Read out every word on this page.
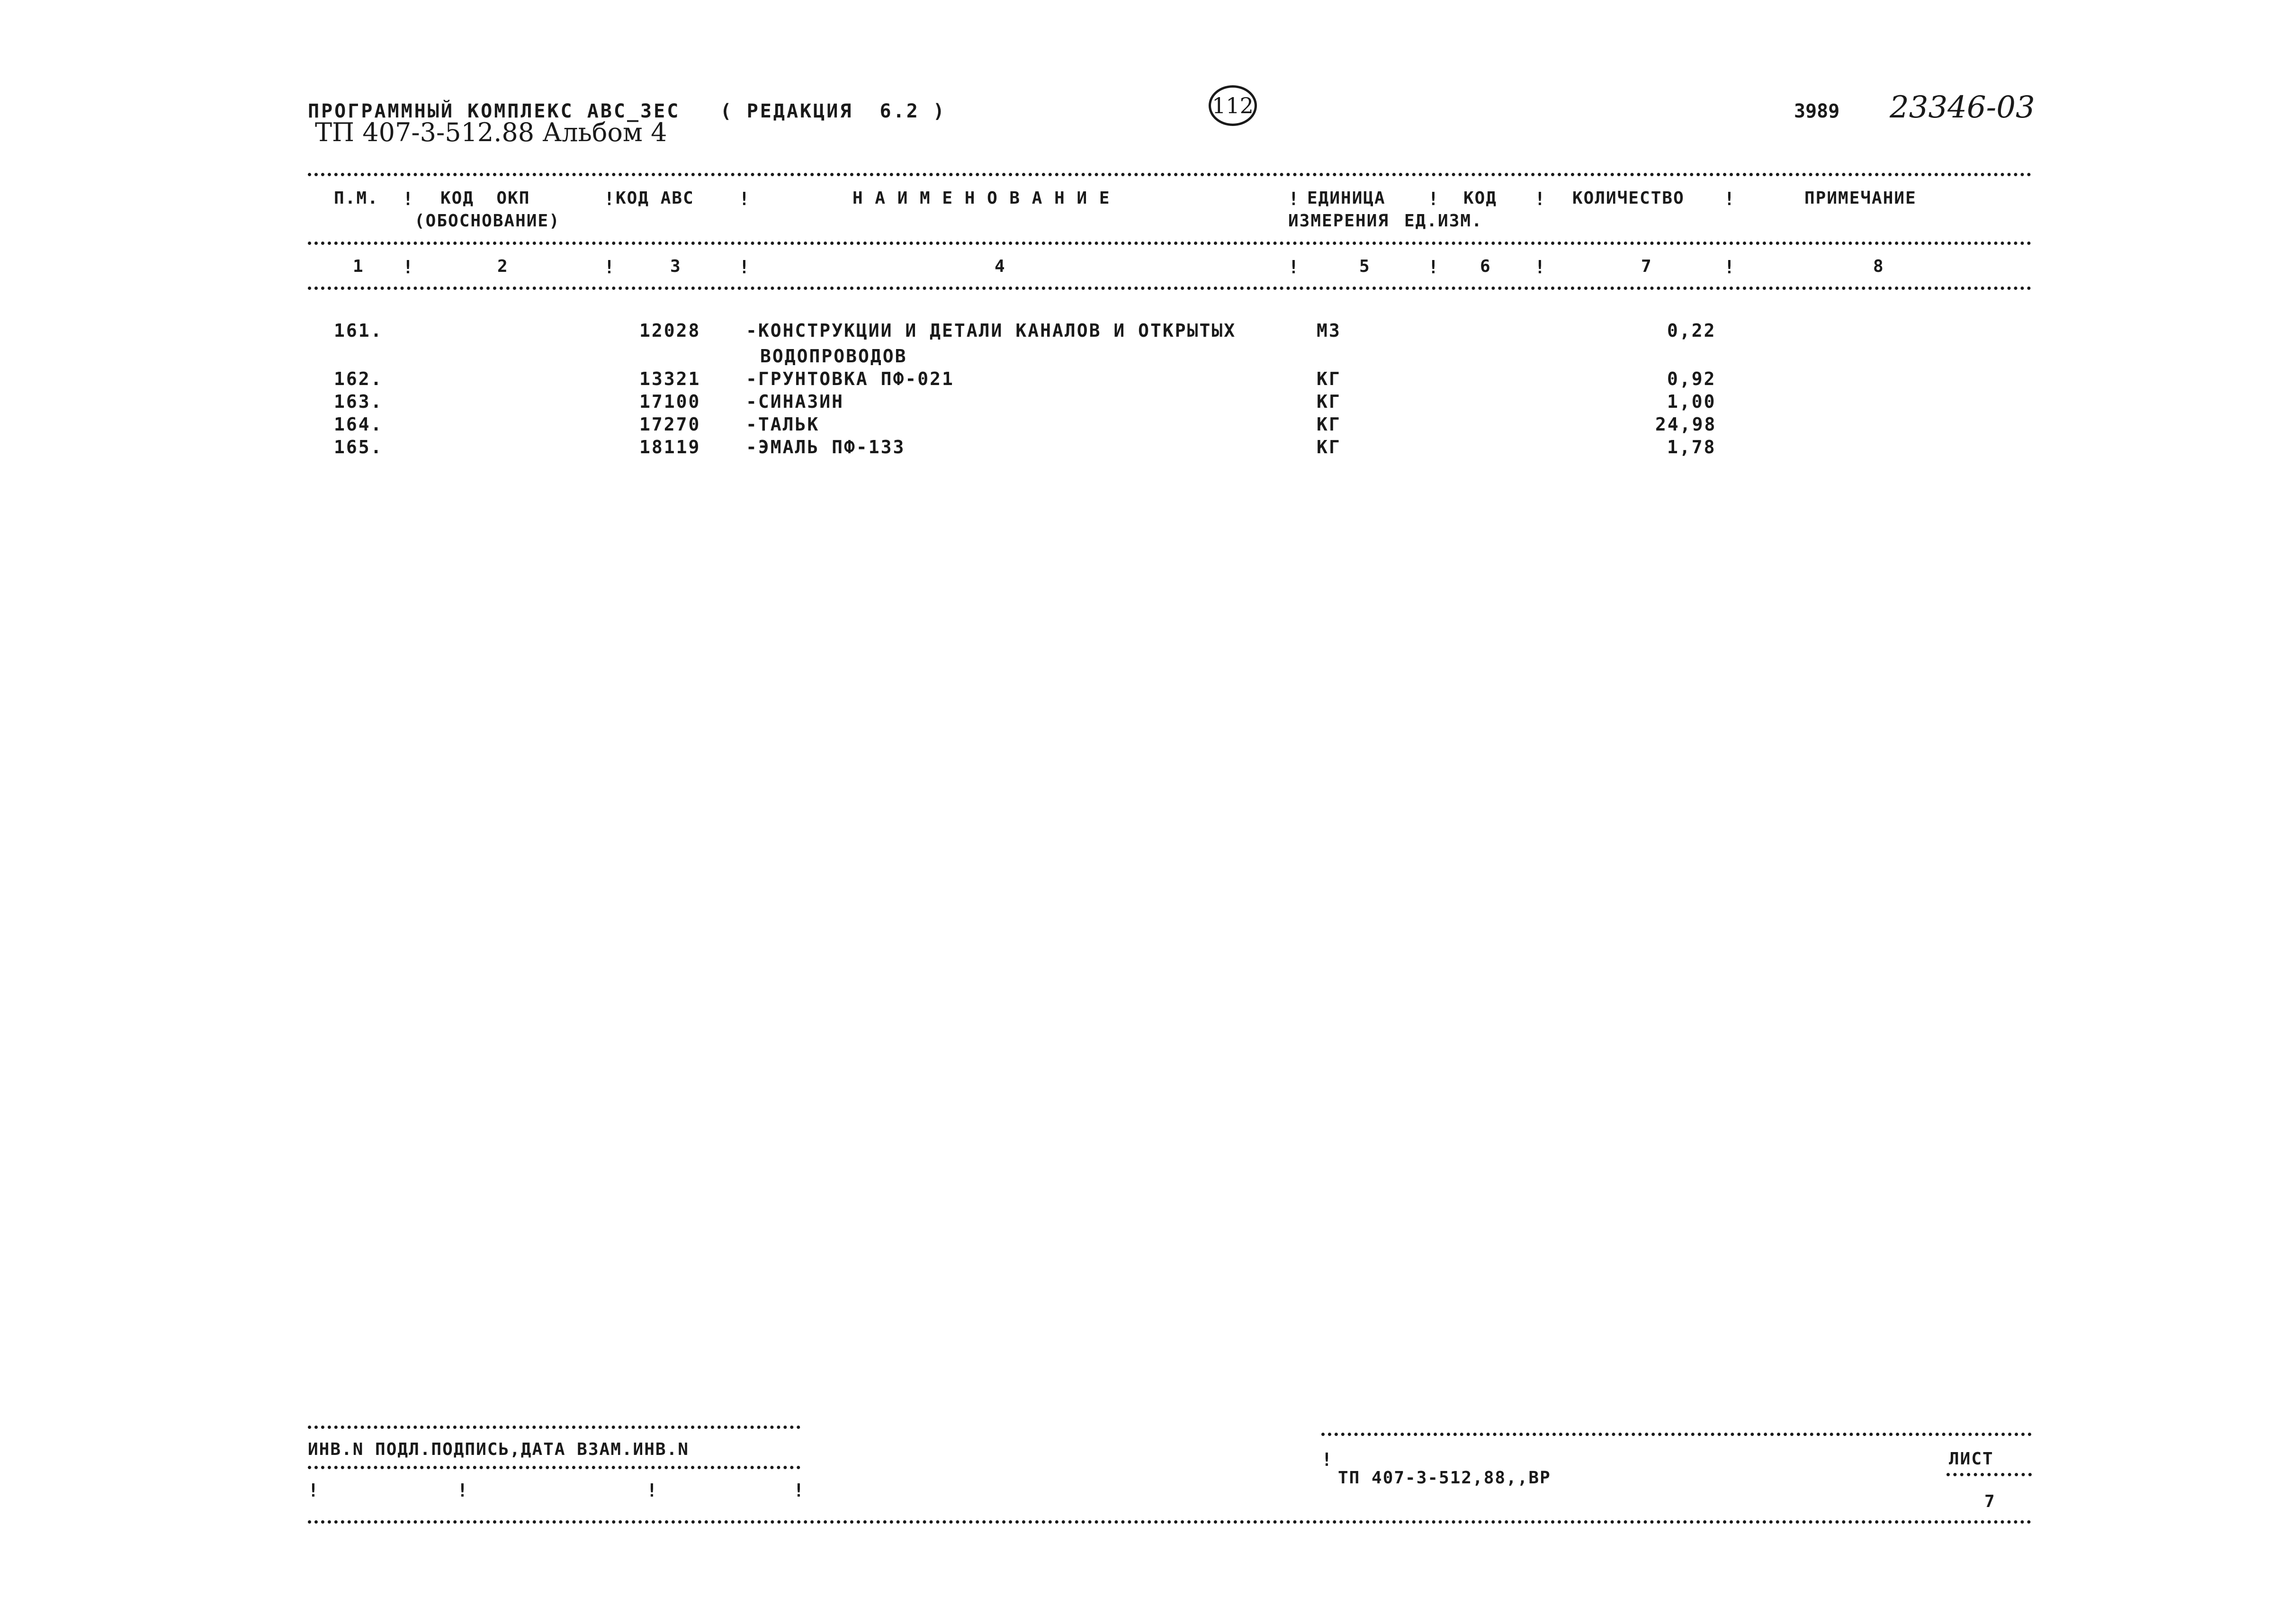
ПРОГРАММНЫЙ КОМПЛЕКС АВС_3ЕС   ( РЕДАКЦИЯ  6.2 )
ТП 407-3-512.88 Альбом 4
112	3989 23346-03
П.М.	КОД  ОКП
(ОБОСНОВАНИЕ)
КОД АВС	Н А И М Е Н О В А Н И Е	ЕДИНИЦА
ИЗМЕРЕНИЯ
КОД
ЕД.ИЗМ.
КОЛИЧЕСТВО	ПРИМЕЧАНИЕ
!	!	!	!	!	!	!
1	2	3	4	5	6	7	8
!	!	!	!	!	!	!
161.	12028	-КОНСТРУКЦИИ И ДЕТАЛИ КАНАЛОВ И ОТКРЫТЫХ
ВОДОПРОВОДОВ
М3	0,22
162.	13321	-ГРУНТОВКА ПФ-021	КГ	0,92
163.	17100	-СИНАЗИН	КГ	1,00
164.	17270	-ТАЛЬК	КГ	24,98
165.	18119	-ЭМАЛЬ ПФ-133	КГ	1,78
ИНВ.N ПОДЛ.ПОДПИСЬ,ДАТА ВЗАМ.ИНВ.N
!	!	!	!
!
ТП 407-3-512,88,,ВР
ЛИСТ
7
